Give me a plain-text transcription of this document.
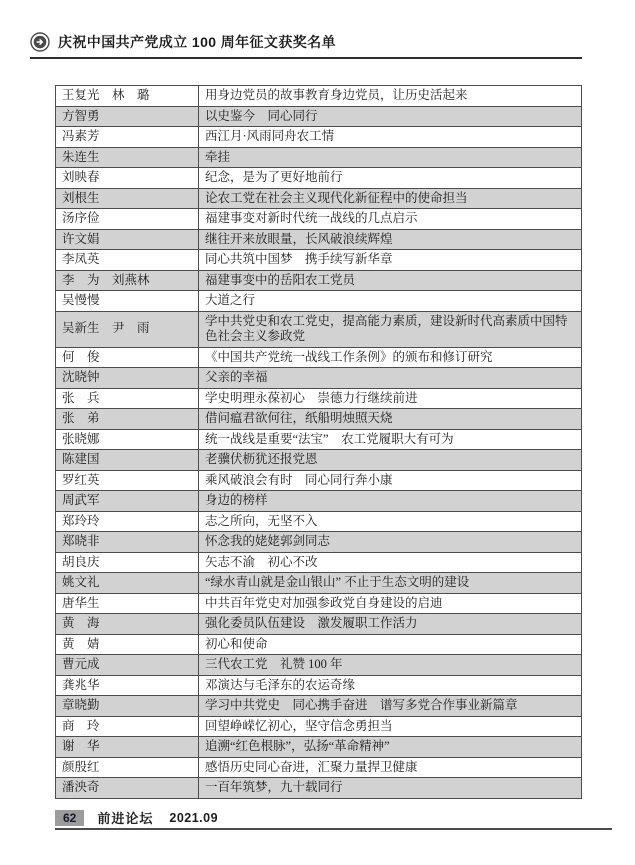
庆祝中国共产党成立 100 周年征文获奖名单
王复光　林　璐	用身边党员的故事教育身边党员，让历史活起来
方智勇	以史鉴今　同心同行
冯素芳	西江月·风雨同舟农工情
朱连生	牵挂
刘映春	纪念，是为了更好地前行
刘根生	论农工党在社会主义现代化新征程中的使命担当
汤序俭	福建事变对新时代统一战线的几点启示
许文娟	继往开来放眼量，长风破浪续辉煌
李凤英	同心共筑中国梦　携手续写新华章
李　为　刘燕林	福建事变中的岳阳农工党员
吴慢慢	大道之行
吴新生　尹　雨	学中共党史和农工党史，提高能力素质，建设新时代高素质中国特色社会主义参政党
何　俊	《中国共产党统一战线工作条例》的颁布和修订研究
沈晓钟	父亲的幸福
张　兵	学史明理永葆初心　崇德力行继续前进
张　弟	借问瘟君欲何往，纸船明烛照天烧
张晓娜	统一战线是重要“法宝”　农工党履职大有可为
陈建国	老骥伏枥犹还报党恩
罗红英	乘风破浪会有时　同心同行奔小康
周武军	身边的榜样
郑玲玲	志之所向，无坚不入
郑晓非	怀念我的姥姥郭剑同志
胡良庆	矢志不渝　初心不改
姚文礼	“绿水青山就是金山银山” 不止于生态文明的建设
唐华生	中共百年党史对加强参政党自身建设的启迪
黄　海	强化委员队伍建设　激发履职工作活力
黄　婧	初心和使命
曹元成	三代农工党　礼赞 100 年
龚兆华	邓演达与毛泽东的农运奇缘
章晓勤	学习中共党史　同心携手奋进　谱写多党合作事业新篇章
商　玲	回望峥嵘忆初心，坚守信念勇担当
谢　华	追溯“红色根脉”，弘扬“革命精神”
颜殷红	感悟历史同心奋进，汇聚力量捍卫健康
潘泱奇	一百年筑梦，九十载同行
62	前进论坛 2021.09
